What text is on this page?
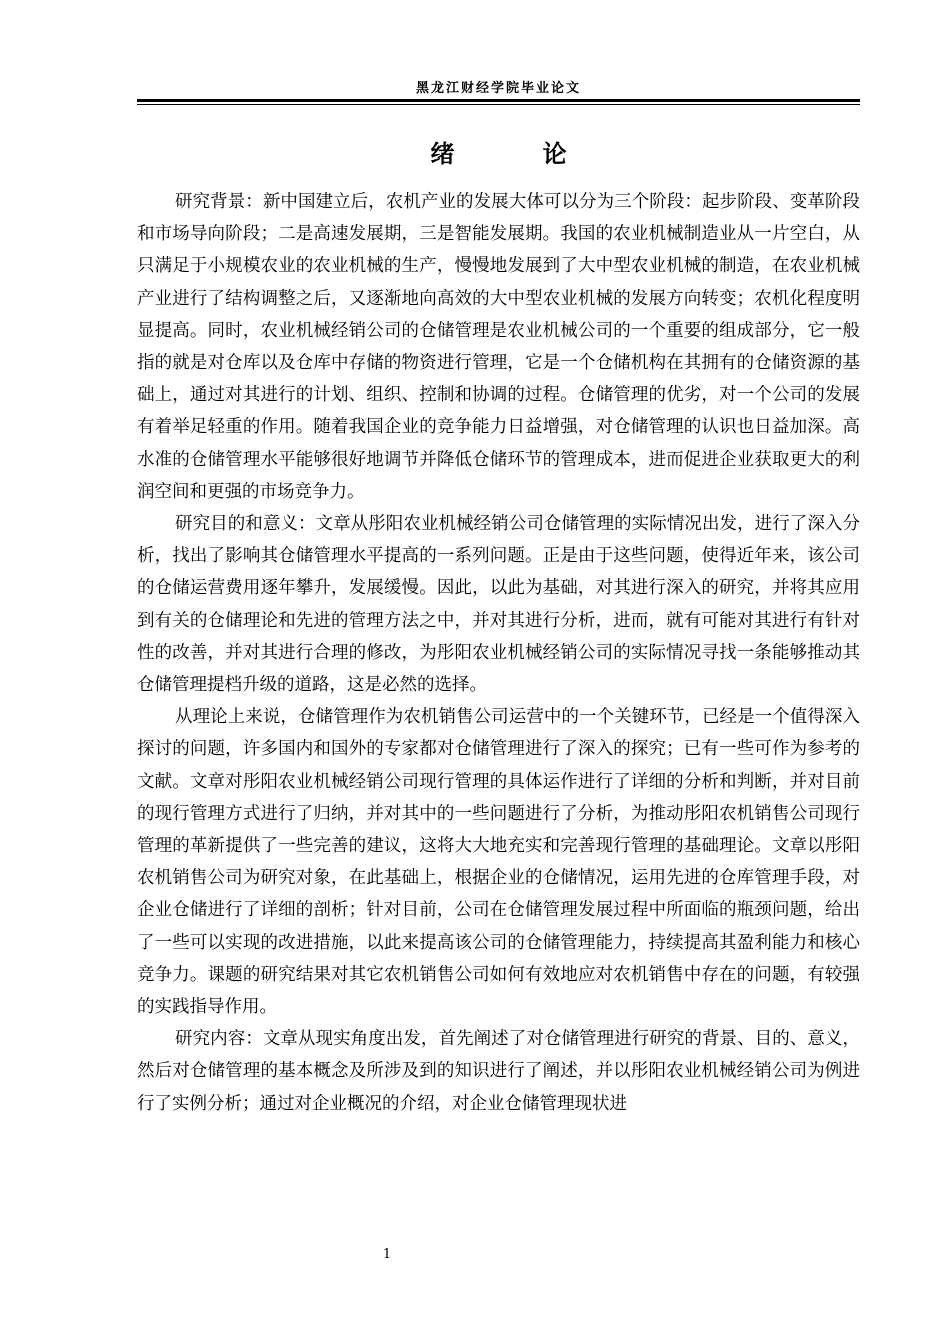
黑龙江财经学院毕业论文
绪 论

研究背景：新中国建立后，农机产业的发展大体可以分为三个阶段：起步阶段、变革阶段和市场导向阶段；二是高速发展期，三是智能发展期。我国的农业机械制造业从一片空白，从只满足于小规模农业的农业机械的生产，慢慢地发展到了大中型农业机械的制造，在农业机械产业进行了结构调整之后，又逐渐地向高效的大中型农业机械的发展方向转变；农机化程度明显提高。同时，农业机械经销公司的仓储管理是农业机械公司的一个重要的组成部分，它一般指的就是对仓库以及仓库中存储的物资进行管理，它是一个仓储机构在其拥有的仓储资源的基础上，通过对其进行的计划、组织、控制和协调的过程。仓储管理的优劣，对一个公司的发展有着举足轻重的作用。随着我国企业的竞争能力日益增强，对仓储管理的认识也日益加深。高水准的仓储管理水平能够很好地调节并降低仓储环节的管理成本，进而促进企业获取更大的利润空间和更强的市场竞争力。

研究目的和意义：文章从彤阳农业机械经销公司仓储管理的实际情况出发，进行了深入分析，找出了影响其仓储管理水平提高的一系列问题。正是由于这些问题，使得近年来，该公司的仓储运营费用逐年攀升，发展缓慢。因此，以此为基础，对其进行深入的研究，并将其应用到有关的仓储理论和先进的管理方法之中，并对其进行分析，进而，就有可能对其进行有针对性的改善，并对其进行合理的修改，为彤阳农业机械经销公司的实际情况寻找一条能够推动其仓储管理提档升级的道路，这是必然的选择。

从理论上来说，仓储管理作为农机销售公司运营中的一个关键环节，已经是一个值得深入探讨的问题，许多国内和国外的专家都对仓储管理进行了深入的探究；已有一些可作为参考的文献。文章对彤阳农业机械经销公司现行管理的具体运作进行了详细的分析和判断，并对目前的现行管理方式进行了归纳，并对其中的一些问题进行了分析，为推动彤阳农机销售公司现行管理的革新提供了一些完善的建议，这将大大地充实和完善现行管理的基础理论。文章以彤阳农机销售公司为研究对象，在此基础上，根据企业的仓储情况，运用先进的仓库管理手段，对企业仓储进行了详细的剖析；针对目前，公司在仓储管理发展过程中所面临的瓶颈问题，给出了一些可以实现的改进措施，以此来提高该公司的仓储管理能力，持续提高其盈利能力和核心竞争力。课题的研究结果对其它农机销售公司如何有效地应对农机销售中存在的问题，有较强的实践指导作用。

研究内容：文章从现实角度出发，首先阐述了对仓储管理进行研究的背景、目的、意义，然后对仓储管理的基本概念及所涉及到的知识进行了阐述，并以彤阳农业机械经销公司为例进行了实例分析；通过对企业概况的介绍，对企业仓储管理现状进

1
